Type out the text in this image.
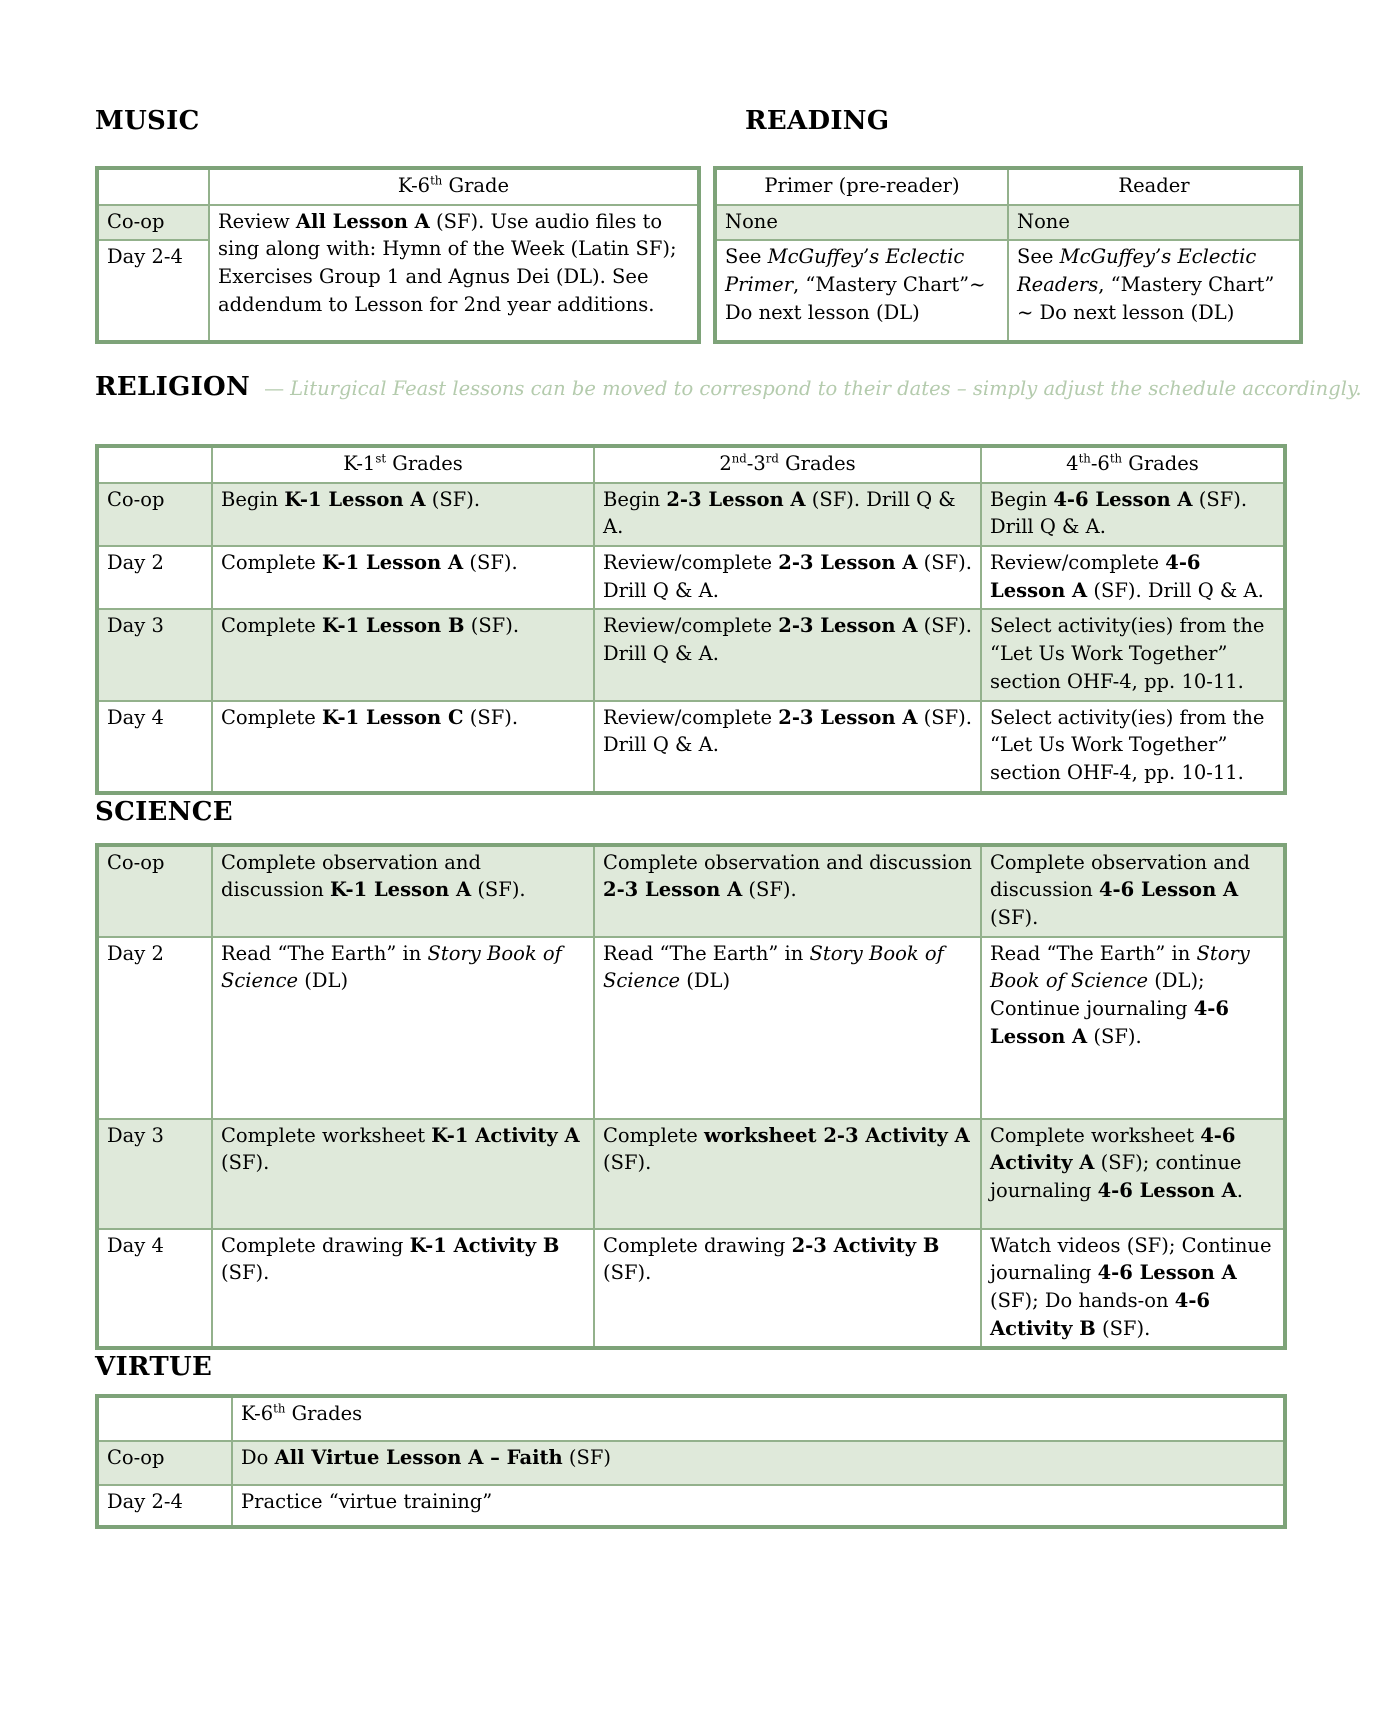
MUSIC	READING
	K-6th Grade
Co-op	Review All Lesson A (SF). Use audio files to sing along with: Hymn of the Week (Latin SF); Exercises Group 1 and Agnus Dei (DL). See addendum to Lesson for 2nd year additions.
Day 2-4	
Primer (pre-reader)	Reader
None	None
See McGuffey’s Eclectic Primer, “Mastery Chart”~ Do next lesson (DL)	See McGuffey’s Eclectic Readers, “Mastery Chart” ~ Do next lesson (DL)
RELIGION — Liturgical Feast lessons can be moved to correspond to their dates – simply adjust the schedule accordingly.
	K-1st Grades	2nd-3rd Grades	4th-6th Grades
Co-op	Begin K-1 Lesson A (SF).	Begin 2-3 Lesson A (SF). Drill Q & A.	Begin 4-6 Lesson A (SF). Drill Q & A.
Day 2	Complete K-1 Lesson A (SF).	Review/complete 2-3 Lesson A (SF). Drill Q & A.	Review/complete 4-6 Lesson A (SF). Drill Q & A.
Day 3	Complete K-1 Lesson B (SF).	Review/complete 2-3 Lesson A (SF). Drill Q & A.	Select activity(ies) from the “Let Us Work Together” section OHF-4, pp. 10-11.
Day 4	Complete K-1 Lesson C (SF).	Review/complete 2-3 Lesson A (SF). Drill Q & A.	Select activity(ies) from the “Let Us Work Together” section OHF-4, pp. 10-11.
SCIENCE
Co-op	Complete observation and discussion K-1 Lesson A (SF).	Complete observation and discussion 2-3 Lesson A (SF).	Complete observation and discussion 4-6 Lesson A (SF).
Day 2	Read “The Earth” in Story Book of Science (DL)	Read “The Earth” in Story Book of Science (DL)	Read “The Earth” in Story Book of Science (DL); Continue journaling 4-6 Lesson A (SF).
Day 3	Complete worksheet K-1 Activity A (SF).	Complete worksheet 2-3 Activity A (SF).	Complete worksheet 4-6 Activity A (SF); continue journaling 4-6 Lesson A.
Day 4	Complete drawing K-1 Activity B (SF).	Complete drawing 2-3 Activity B (SF).	Watch videos (SF); Continue journaling 4-6 Lesson A (SF); Do hands-on 4-6 Activity B (SF).
VIRTUE
	K-6th Grades
Co-op	Do All Virtue Lesson A – Faith (SF)
Day 2-4	Practice “virtue training”
